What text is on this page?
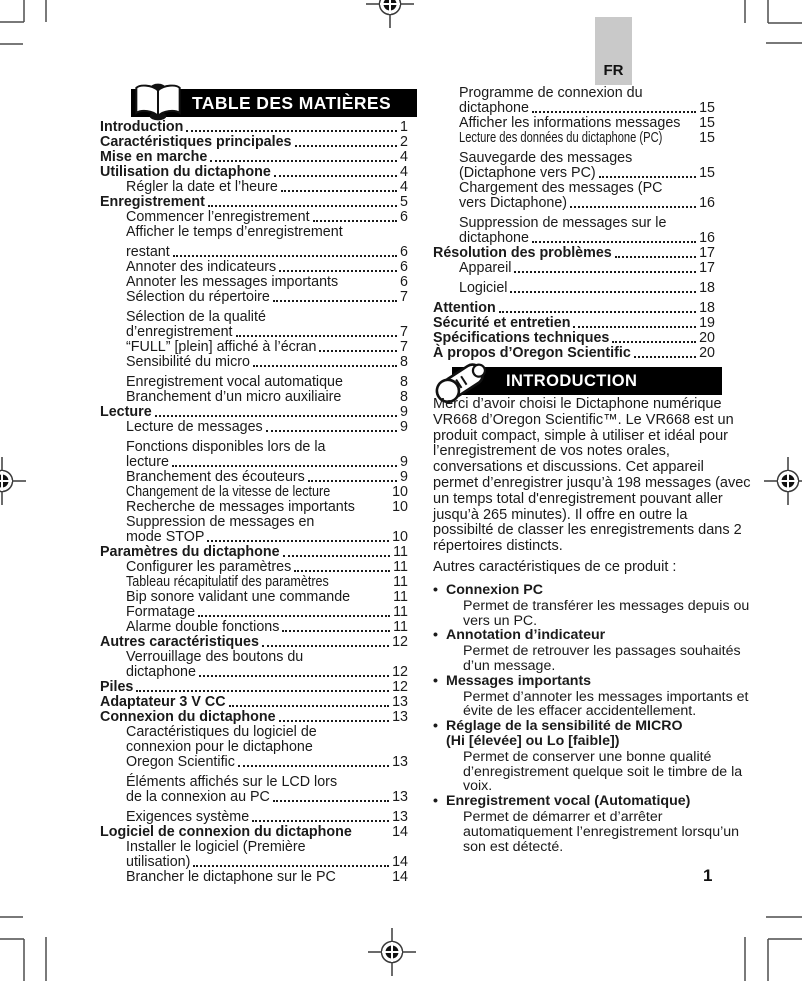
FR
TABLE DES MATIÈRES
Introduction	1
Caractéristiques principales	2
Mise en marche	4
Utilisation du dictaphone	4
Régler la date et l’heure	4
Enregistrement	5
Commencer l’enregistrement	6
Afficher le temps d’enregistrement
restant	6
Annoter des indicateurs	6
Annoter les messages importants	6
Sélection du répertoire	7
Sélection de la qualité
d’enregistrement	7
“FULL” [plein] affiché à l’écran	7
Sensibilité du micro	8
Enregistrement vocal automatique	8
Branchement d’un micro auxiliaire	8
Lecture	9
Lecture de messages	9
Fonctions disponibles lors de la
lecture	9
Branchement des écouteurs	9
Changement de la vitesse de lecture	10
Recherche de messages importants	10
Suppression de messages en
mode STOP	10
Paramètres du dictaphone	11
Configurer les paramètres	11
Tableau récapitulatif des paramètres	11
Bip sonore validant une commande	11
Formatage	11
Alarme double fonctions	11
Autres caractéristiques	12
Verrouillage des boutons du
dictaphone	12
Piles	12
Adaptateur 3 V CC	13
Connexion du dictaphone	13
Caractéristiques du logiciel de
connexion pour le dictaphone
Oregon Scientific	13
Éléments affichés sur le LCD lors
de la connexion au PC	13
Exigences système	13
Logiciel de connexion du dictaphone	14
Installer le logiciel (Première
utilisation)	14
Brancher le dictaphone sur le PC	14
Programme de connexion du
dictaphone	15
Afficher les informations messages 15
Lecture des données du dictaphone (PC)	15
Sauvegarde des messages
(Dictaphone vers PC)	15
Chargement des messages (PC
vers Dictaphone)	16
Suppression de messages sur le
dictaphone	16
Résolution des problèmes	17
Appareil	17
Logiciel	18
Attention	18
Sécurité et entretien	19
Spécifications techniques	20
À propos d’Oregon Scientific	20
INTRODUCTION
Merci d’avoir choisi le Dictaphone numérique VR668 d’Oregon Scientific™. Le VR668 est un produit compact, simple à utiliser et idéal pour l’enregistrement de vos notes orales, conversations et discussions. Cet appareil permet d’enregistrer jusqu’à 198 messages (avec un temps total d'enregistrement pouvant aller jusqu’à 265 minutes). Il offre en outre la possibilté de classer les enregistrements dans 2 répertoires distincts.
Autres caractéristiques de ce produit :
• Connexion PC
Permet de transférer les messages depuis ou vers un PC.
• Annotation d’indicateur
Permet de retrouver les passages souhaités d’un message.
• Messages importants
Permet d’annoter les messages importants et évite de les effacer accidentellement.
• Réglage de la sensibilité de MICRO
(Hi [élevée] ou Lo [faible])
Permet de conserver une bonne qualité d’enregistrement quelque soit le timbre de la voix.
• Enregistrement vocal (Automatique)
Permet de démarrer et d’arrêter automatiquement l’enregistrement lorsqu’un son est détecté.
1
